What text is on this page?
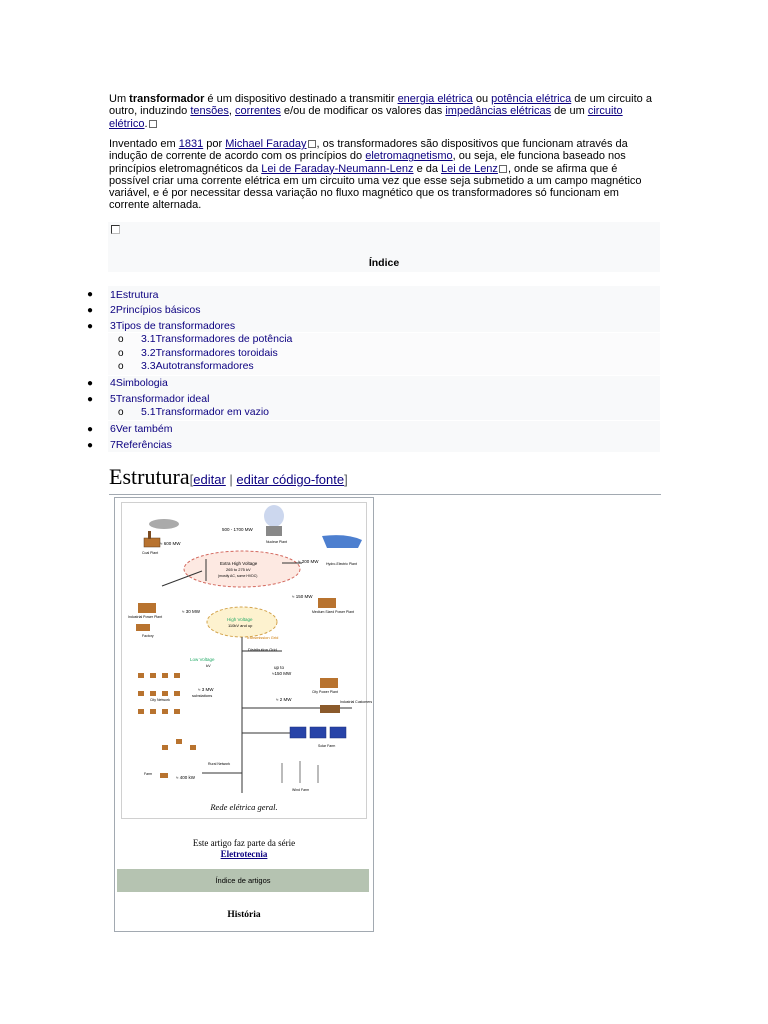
Um transformador é um dispositivo destinado a transmitir energia elétrica ou potência elétrica de um circuito a outro, induzindo tensões, correntes e/ou de modificar os valores das impedâncias elétricas de um circuito elétrico.
Inventado em 1831 por Michael Faraday , os transformadores são dispositivos que funcionam através da indução de corrente de acordo com os princípios do eletromagnetismo, ou seja, ele funciona baseado nos princípios eletromagnéticos da Lei de Faraday-Neumann-Lenz e da Lei de Lenz , onde se afirma que é possível criar uma corrente elétrica em um circuito uma vez que esse seja submetido a um campo magnético variável, e é por necessitar dessa variação no fluxo magnético que os transformadores só funcionam em corrente alternada.
Índice
● 1Estrutura
● 2Princípios básicos
● 3Tipos de transformadores
o 3.1Transformadores de potência
o 3.2Transformadores toroidais
o 3.3Autotransformadores
● 4Simbologia
● 5Transformador ideal
o 5.1Transformador em vazio
● 6Ver também
● 7Referências
Estrutura[editar | editar código-fonte]
500 - 1700 MW
Nuclear Plant
≈ 600 MW
Coal Plant
Extra High Voltage
265 to 275 kV
(mostly AC, some HVDC)
≈ 200 MW Hydro-Electric Plant
Industrial Power Plant
≈ 30 MW
High Voltage
110kV and up
≈ 150 MW
Medium Sized Power Plant
Factory	Transmission Grid
Distribution Grid
Low Voltage
kV	up to
≈150 MW
City Power Plant
City Network
≈ 3 MW
substations
≈ 2 MW	Industrial Customers
Solar Farm
Rural Network
Farm
≈ 400 kW
Wind Farm
Rede elétrica geral.
Este artigo faz parte da série
Eletrotecnia
Índice de artigos
História
